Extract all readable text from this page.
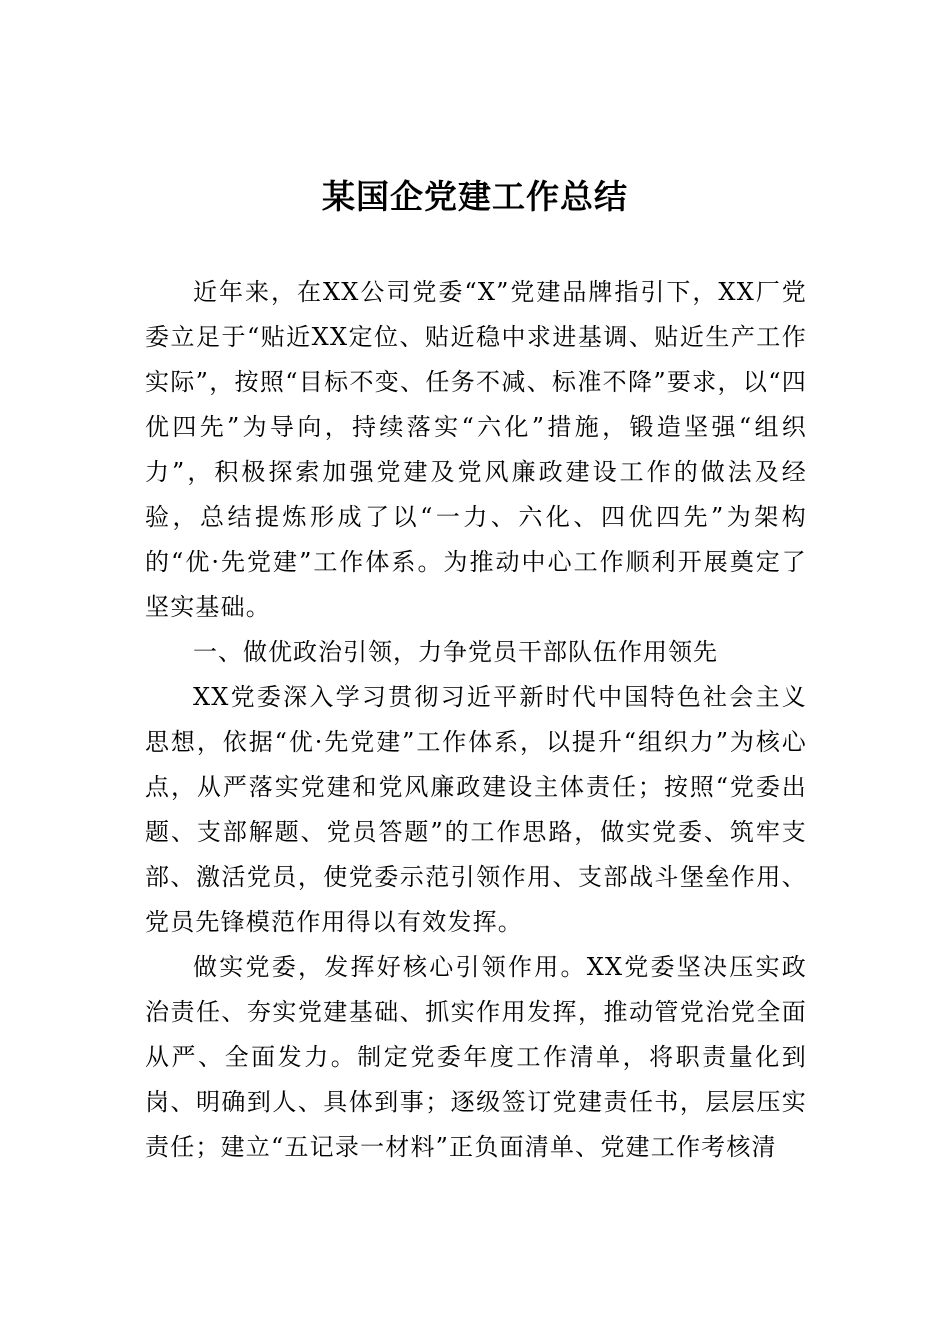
某国企党建工作总结

近年来，在XX公司党委“X”党建品牌指引下，XX厂党委立足于“贴近XX定位、贴近稳中求进基调、贴近生产工作实际”，按照“目标不变、任务不减、标准不降”要求，以“四优四先”为导向，持续落实“六化”措施，锻造坚强“组织力”，积极探索加强党建及党风廉政建设工作的做法及经验，总结提炼形成了以“一力、六化、四优四先”为架构的“优·先党建”工作体系。为推动中心工作顺利开展奠定了坚实基础。

一、做优政治引领，力争党员干部队伍作用领先

XX党委深入学习贯彻习近平新时代中国特色社会主义思想，依据“优·先党建”工作体系，以提升“组织力”为核心点，从严落实党建和党风廉政建设主体责任；按照“党委出题、支部解题、党员答题”的工作思路，做实党委、筑牢支部、激活党员，使党委示范引领作用、支部战斗堡垒作用、党员先锋模范作用得以有效发挥。

做实党委，发挥好核心引领作用。XX党委坚决压实政治责任、夯实党建基础、抓实作用发挥，推动管党治党全面从严、全面发力。制定党委年度工作清单，将职责量化到岗、明确到人、具体到事；逐级签订党建责任书，层层压实责任；建立“五记录一材料”正负面清单、党建工作考核清
